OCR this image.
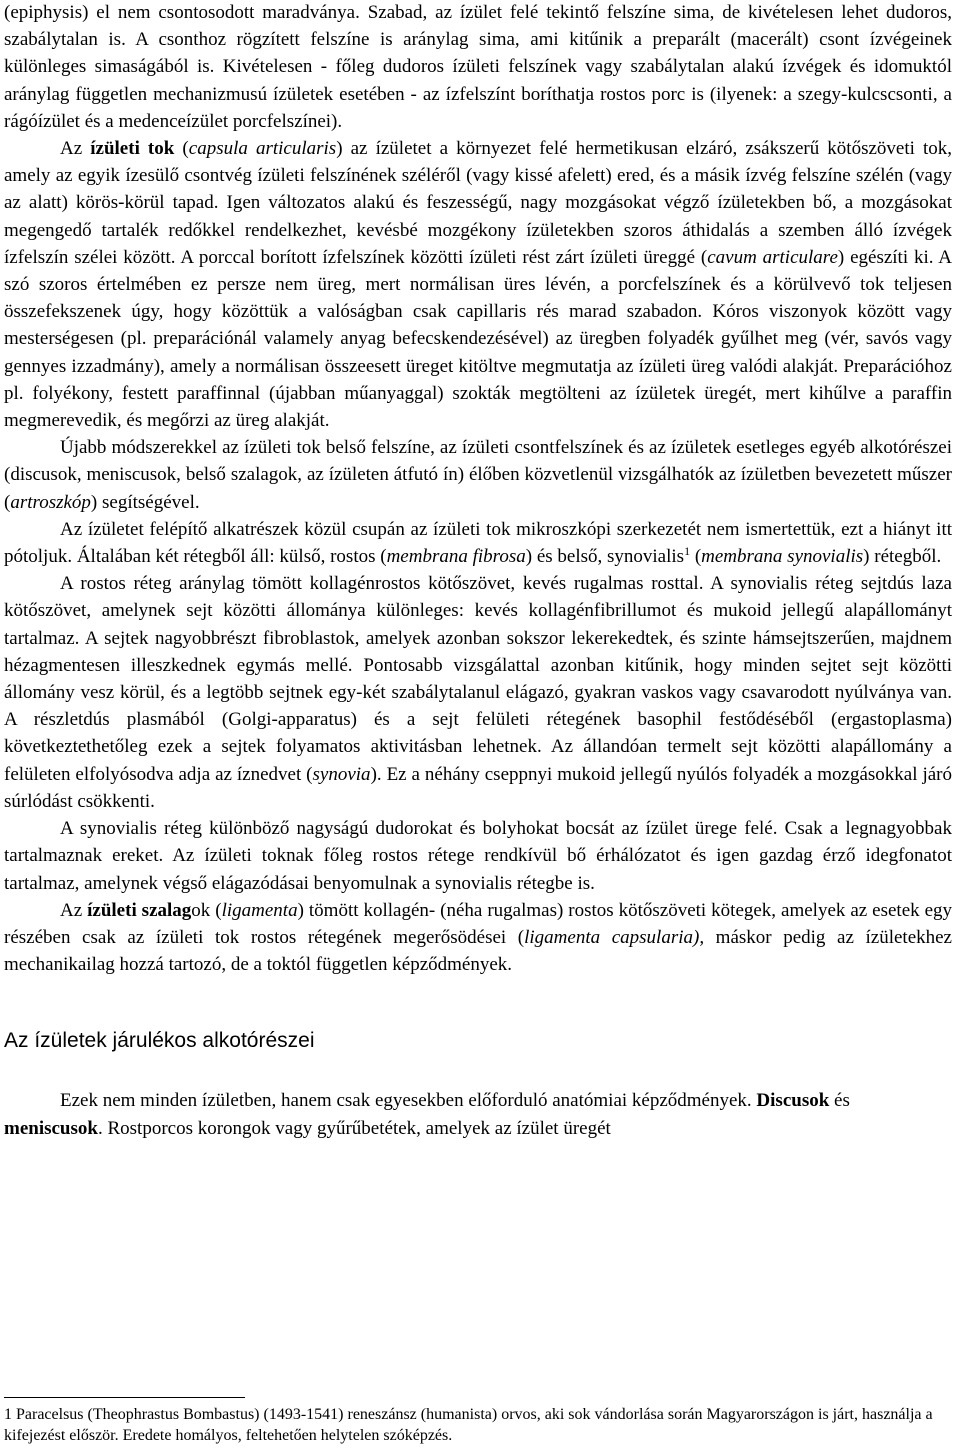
(epiphysis) el nem csontosodott maradványa. Szabad, az ízület felé tekintő felszíne sima, de kivételesen lehet dudoros, szabálytalan is. A csonthoz rögzített felszíne is aránylag sima, ami kitűnik a preparált (macerált) csont ízvégeinek különleges simaságából is. Kivételesen - főleg dudoros ízületi felszínek vagy szabálytalan alakú ízvégek és idomuktól aránylag független mechanizmusú ízületek esetében - az ízfelszínt boríthatja rostos porc is (ilyenek: a szegy-kulcscsonti, a rágóízület és a medenceízület porcfelszínei).

Az ízületi tok (capsula articularis) az ízületet a környezet felé hermetikusan elzáró, zsákszerű kötőszöveti tok, amely az egyik ízesülő csontvég ízületi felszínének széléről (vagy kissé afelett) ered, és a másik ízvég felszíne szélén (vagy az alatt) körös-körül tapad. Igen változatos alakú és feszességű, nagy mozgásokat végző ízületekben bő, a mozgásokat megengedő tartalék redőkkel rendelkezhet, kevésbé mozgékony ízületekben szoros áthidalás a szemben álló ízvégek ízfelszín szélei között. A porccal borított ízfelszínek közötti ízületi rést zárt ízületi üreggé (cavum articulare) egészíti ki. A szó szoros értelmében ez persze nem üreg, mert normálisan üres lévén, a porcfelszínek és a körülvevő tok teljesen összefekszenek úgy, hogy közöttük a valóságban csak capillaris rés marad szabadon. Kóros viszonyok között vagy mesterségesen (pl. preparációnál valamely anyag befecskendezésével) az üregben folyadék gyűlhet meg (vér, savós vagy gennyes izzadmány), amely a normálisan összeesett üreget kitöltve megmutatja az ízületi üreg valódi alakját. Preparációhoz pl. folyékony, festett paraffinnal (újabban műanyaggal) szokták megtölteni az ízületek üregét, mert kihűlve a paraffin megmerevedik, és megőrzi az üreg alakját.

Újabb módszerekkel az ízületi tok belső felszíne, az ízületi csontfelszínek és az ízületek esetleges egyéb alkotórészei (discusok, meniscusok, belső szalagok, az ízületen átfutó ín) élőben közvetlenül vizsgálhatók az ízületben bevezetett műszer (artroszkóp) segítségével.

Az ízületet felépítő alkatrészek közül csupán az ízületi tok mikroszkópi szerkezetét nem ismertettük, ezt a hiányt itt pótoljuk. Általában két rétegből áll: külső, rostos (membrana fibrosa) és belső, synovialis$^1$ (membrana synovialis) rétegből.

A rostos réteg aránylag tömött kollagénrostos kötőszövet, kevés rugalmas rosttal. A synovialis réteg sejtdús laza kötőszövet, amelynek sejt közötti állománya különleges: kevés kollagénfibrillumot és mukoid jellegű alapállományt tartalmaz. A sejtek nagyobbrészt fibroblastok, amelyek azonban sokszor lekerekedtek, és szinte hámsejtszerűen, majdnem hézagmentesen illeszkednek egymás mellé. Pontosabb vizsgálattal azonban kitűnik, hogy minden sejtet sejt közötti állomány vesz körül, és a legtöbb sejtnek egy-két szabálytalanul elágazó, gyakran vaskos vagy csavarodott nyúlványa van. A részletdús plasmából (Golgi-apparatus) és a sejt felületi rétegének basophil festődéséből (ergastoplasma) következtethetőleg ezek a sejtek folyamatos aktivitásban lehetnek. Az állandóan termelt sejt közötti alapállomány a felületen elfolyósodva adja az íznedvet (synovia). Ez a néhány cseppnyi mukoid jellegű nyúlós folyadék a mozgásokkal járó súrlódást csökkenti.

A synovialis réteg különböző nagyságú dudorokat és bolyhokat bocsát az ízület ürege felé. Csak a legnagyobbak tartalmaznak ereket. Az ízületi toknak főleg rostos rétege rendkívül bő érhálózatot és igen gazdag érző idegfonatot tartalmaz, amelynek végső elágazódásai benyomulnak a synovialis rétegbe is.

Az ízületi szalagok (ligamenta) tömött kollagén- (néha rugalmas) rostos kötőszöveti kötegek, amelyek az esetek egy részében csak az ízületi tok rostos rétegének megerősödései (ligamenta capsularia), máskor pedig az ízületekhez mechanikailag hozzá tartozó, de a toktól független képződmények.

Az ízületek járulékos alkotórészei

Ezek nem minden ízületben, hanem csak egyesekben előforduló anatómiai képződmények. Discusok és meniscusok. Rostporcos korongok vagy gyűrűbetétek, amelyek az ízület üregét

1 Paracelsus (Theophrastus Bombastus) (1493-1541) reneszánsz (humanista) orvos, aki sok vándorlása során Magyarországon is járt, használja a kifejezést először. Eredete homályos, feltehetően helytelen szóképzés.
